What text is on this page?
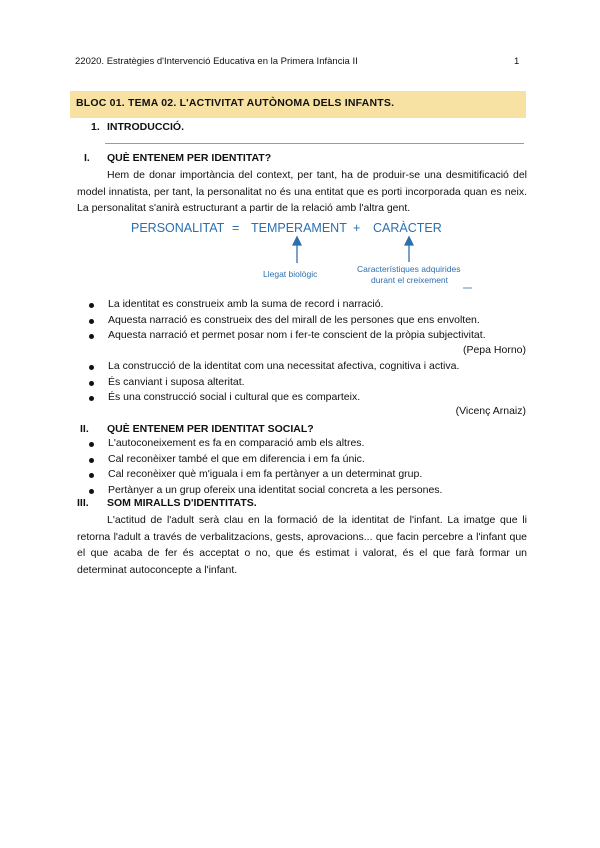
22020. Estratègies d'Intervenció Educativa en la Primera Infància II	1
BLOC 01. TEMA 02. L'ACTIVITAT AUTÒNOMA DELS INFANTS.
1. INTRODUCCIÓ.
I. QUÈ ENTENEM PER IDENTITAT?
Hem de donar importància del context, per tant, ha de produir-se una desmitificació del model innatista, per tant, la personalitat no és una entitat que es porti incorporada quan es neix. La personalitat s'anirà estructurant a partir de la relació amb l'altra gent.
PERSONALITAT = TEMPERAMENT + CARÀCTER
Llegat biològic	Característiques adquirides
durant el creixement
La identitat es construeix amb la suma de record i narració.
Aquesta narració es construeix des del mirall de les persones que ens envolten.
Aquesta narració et permet posar nom i fer-te conscient de la pròpia subjectivitat.
(Pepa Horno)
La construcció de la identitat com una necessitat afectiva, cognitiva i activa.
És canviant i suposa alteritat.
És una construcció social i cultural que es comparteix.
(Vicenç Arnaiz)
II. QUÈ ENTENEM PER IDENTITAT SOCIAL?
L'autoconeixement es fa en comparació amb els altres.
Cal reconèixer també el que em diferencia i em fa únic.
Cal reconèixer què m'iguala i em fa pertànyer a un determinat grup.
Pertànyer a un grup ofereix una identitat social concreta a les persones.
III. SOM MIRALLS D'IDENTITATS.
L'actitud de l'adult serà clau en la formació de la identitat de l'infant. La imatge que li retorna l'adult a través de verbalitzacions, gests, aprovacions... que facin percebre a l'infant que el que acaba de fer és acceptat o no, que és estimat i valorat, és el que farà formar un determinat autoconcepte a l'infant.
